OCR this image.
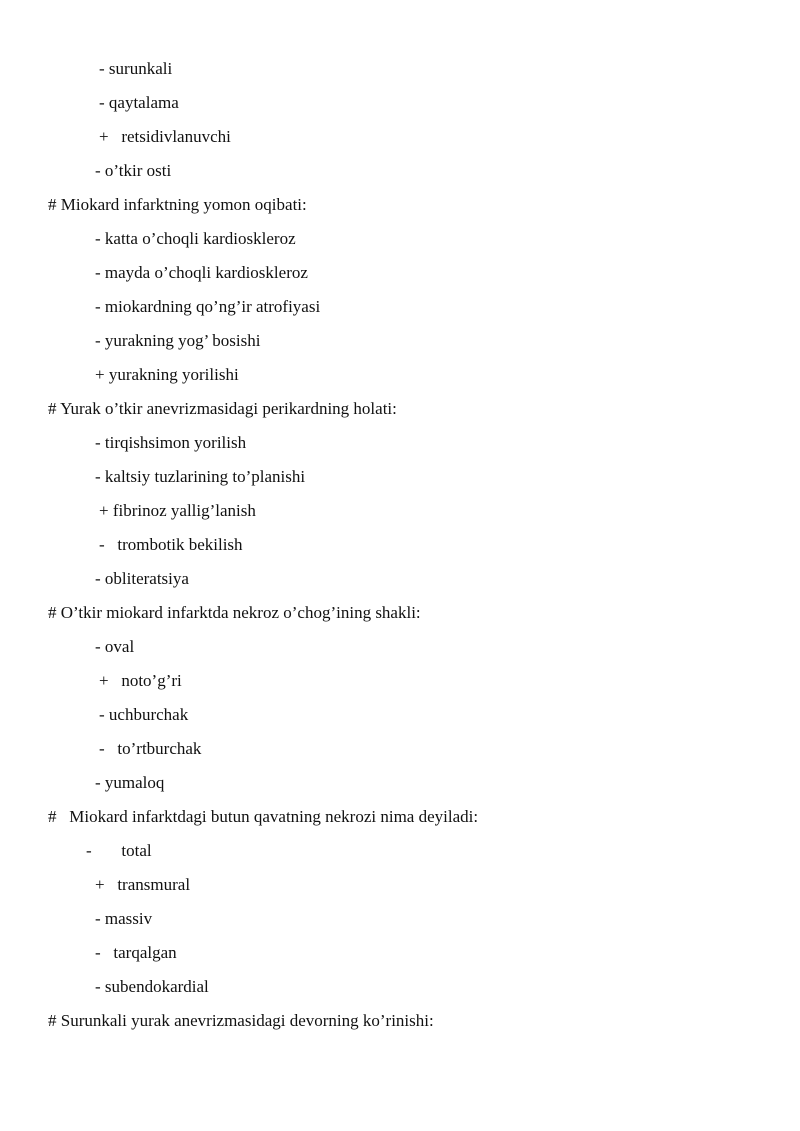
- surunkali
- qaytalama
+   retsidivlanuvchi
- o’tkir osti
# Miokard infarktning yomon oqibati:
- katta o’choqli kardioskleroz
- mayda o’choqli kardioskleroz
- miokardning qo’ng’ir atrofiyasi
- yurakning yog’ bosishi
+ yurakning yorilishi
# Yurak o’tkir anevrizmasidagi perikardning holati:
- tirqishsimon yorilish
- kaltsiy tuzlarining to’planishi
+ fibrinoz yallig’lanish
-   trombotik bekilish
- obliteratsiya
# O’tkir miokard infarktda nekroz o’chog’ining shakli:
- oval
+   noto’g’ri
- uchburchak
-   to’rtburchak
- yumaloq
#   Miokard infarktdagi butun qavatning nekrozi nima deyiladi:
-       total
+   transmural
- massiv
-   tarqalgan
- subendokardial
# Surunkali yurak anevrizmasidagi devorning ko’rinishi:
